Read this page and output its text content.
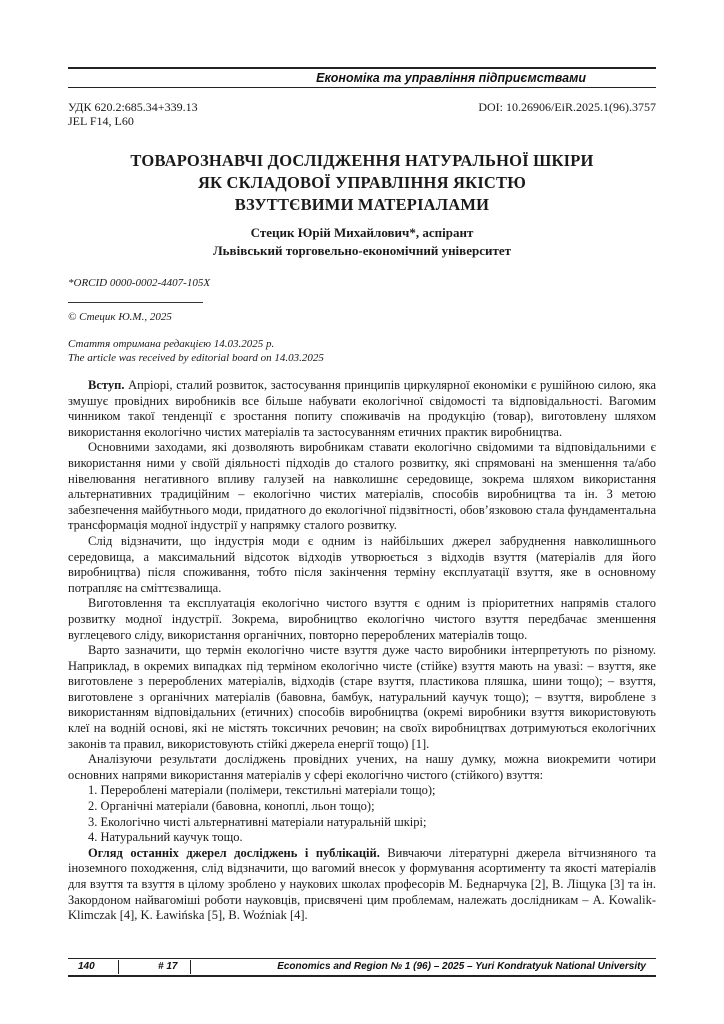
Економіка та управління підприємствами
УДК 620.2:685.34+339.13
JEL F14, L60
DOI: 10.26906/EiR.2025.1(96).3757
ТОВАРОЗНАВЧІ ДОСЛІДЖЕННЯ НАТУРАЛЬНОЇ ШКІРИ
ЯК СКЛАДОВОЇ УПРАВЛІННЯ ЯКІСТЮ
ВЗУТТЄВИМИ МАТЕРІАЛАМИ
Стецик Юрій Михайлович*, аспірант
Львівський торговельно-економічний університет
*ORCID 0000-0002-4407-105X
© Стецик Ю.М., 2025
Стаття отримана редакцією 14.03.2025 р.
The article was received by editorial board on 14.03.2025

Вступ. Апріорі, сталий розвиток, застосування принципів циркулярної економіки є рушійною силою, яка змушує провідних виробників все більше набувати екологічної свідомості та відповідальності. Вагомим чинником такої тенденції є зростання попиту споживачів на продукцію (товар), виготовлену шляхом використання екологічно чистих матеріалів та застосуванням етичних практик виробництва.

Основними заходами, які дозволяють виробникам ставати екологічно свідомими та відповідальними є використання ними у своїй діяльності підходів до сталого розвитку, які спрямовані на зменшення та/або нівелювання негативного впливу галузей на навколишнє середовище, зокрема шляхом використання альтернативних традиційним – екологічно чистих матеріалів, способів виробництва та ін. З метою забезпечення майбутнього моди, придатного до екологічної підзвітності, обов’язковою стала фундаментальна трансформація модної індустрії у напрямку сталого розвитку.

Слід відзначити, що індустрія моди є одним із найбільших джерел забруднення навколишнього середовища, а максимальний відсоток відходів утворюється з відходів взуття (матеріалів для його виробництва) після споживання, тобто після закінчення терміну експлуатації взуття, яке в основному потрапляє на сміттєзвалища.

Виготовлення та експлуатація екологічно чистого взуття є одним із пріоритетних напрямів сталого розвитку модної індустрії. Зокрема, виробництво екологічно чистого взуття передбачає зменшення вуглецевого сліду, використання органічних, повторно перероблених матеріалів тощо.

Варто зазначити, що термін екологічно чисте взуття дуже часто виробники інтерпретують по різному. Наприклад, в окремих випадках під терміном екологічно чисте (стійке) взуття мають на увазі: – взуття, яке виготовлене з перероблених матеріалів, відходів (старе взуття, пластикова пляшка, шини тощо); – взуття, виготовлене з органічних матеріалів (бавовна, бамбук, натуральний каучук тощо); – взуття, вироблене з використанням відповідальних (етичних) способів виробництва (окремі виробники взуття використовують клеї на водній основі, які не містять токсичних речовин; на своїх виробництвах дотримуються екологічних законів та правил, використовують стійкі джерела енергії тощо) [1].

Аналізуючи результати досліджень провідних учених, на нашу думку, можна виокремити чотири основних напрями використання матеріалів у сфері екологічно чистого (стійкого) взуття:

1. Перероблені матеріали (полімери, текстильні матеріали тощо);

2. Органічні матеріали (бавовна, коноплі, льон тощо);

3. Екологічно чисті альтернативні матеріали натуральній шкірі;

4. Натуральний каучук тощо.

Огляд останніх джерел досліджень і публікацій. Вивчаючи літературні джерела вітчизняного та іноземного походження, слід відзначити, що вагомий внесок у формування асортименту та якості матеріалів для взуття та взуття в цілому зроблено у наукових школах професорів М. Беднарчука [2], В. Ліщука [3] та ін. Закордоном найвагоміші роботи науковців, присвячені цим проблемам, належать дослідникам – A. Kowalik-Klimczak [4], K. Ławińska [5], B. Woźniak [4].

140	# 17	Economics and Region № 1 (96) – 2025 – Yuri Kondratyuk National University
